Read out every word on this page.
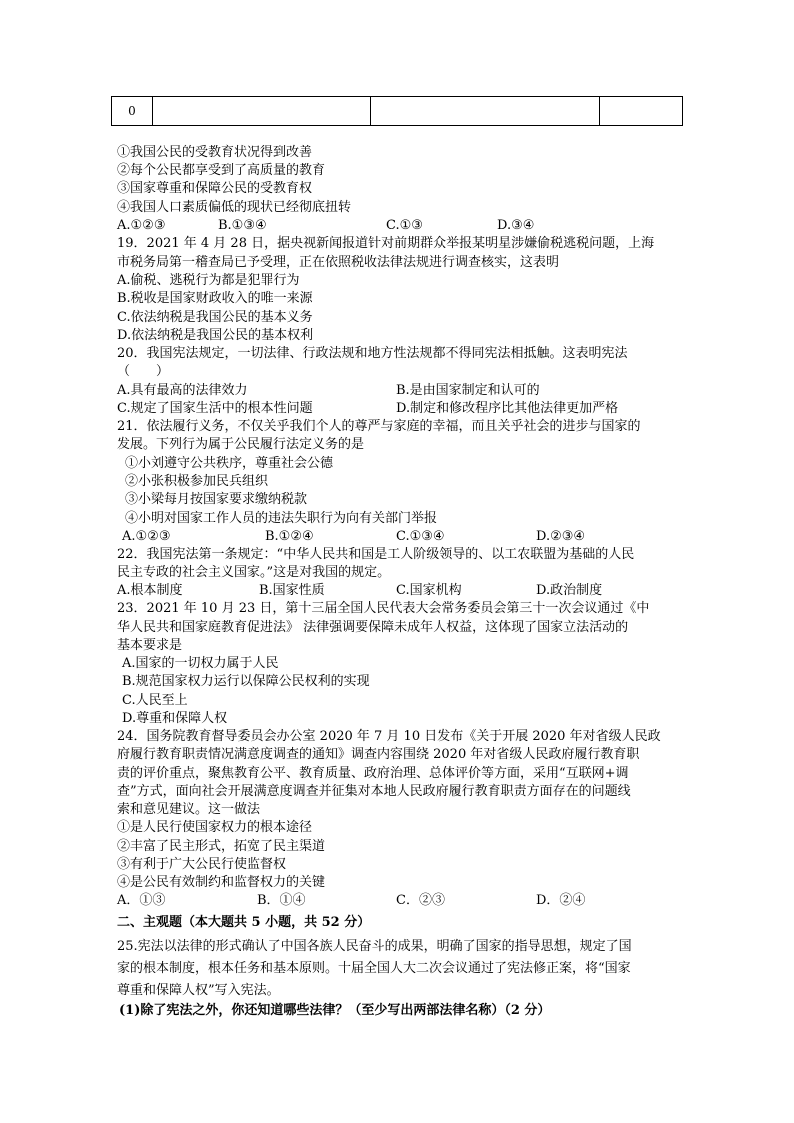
0			
①我国公民的受教育状况得到改善
②每个公民都享受到了高质量的教育
③国家尊重和保障公民的受教育权
④我国人口素质偏低的现状已经彻底扭转
A.①②③	B.①③④	C.①③	D.③④
19．2021 年 4 月 28 日，据央视新闻报道针对前期群众举报某明星涉嫌偷税逃税问题，上海
市税务局第一稽查局已予受理，正在依照税收法律法规进行调查核实，这表明
A.偷税、逃税行为都是犯罪行为
B.税收是国家财政收入的唯一来源
C.依法纳税是我国公民的基本义务
D.依法纳税是我国公民的基本权利
20．我国宪法规定，一切法律、行政法规和地方性法规都不得同宪法相抵触。这表明宪法
（　　）
A.具有最高的法律效力	B.是由国家制定和认可的
C.规定了国家生活中的根本性问题	D.制定和修改程序比其他法律更加严格
21．依法履行义务，不仅关乎我们个人的尊严与家庭的幸福，而且关乎社会的进步与国家的
发展。下列行为属于公民履行法定义务的是
①小刘遵守公共秩序，尊重社会公德
②小张积极参加民兵组织
③小梁每月按国家要求缴纳税款
④小明对国家工作人员的违法失职行为向有关部门举报
A.①②③	B.①②④	C.①③④	D.②③④
22．我国宪法第一条规定：“中华人民共和国是工人阶级领导的、以工农联盟为基础的人民
民主专政的社会主义国家。”这是对我国的规定。
A.根本制度	B.国家性质	C.国家机构	D.政治制度
23．2021 年 10 月 23 日，第十三届全国人民代表大会常务委员会第三十一次会议通过《中
华人民共和国家庭教育促进法》 法律强调要保障未成年人权益，这体现了国家立法活动的
基本要求是
A.国家的一切权力属于人民
B.规范国家权力运行以保障公民权利的实现
C.人民至上
D.尊重和保障人权
24．国务院教育督导委员会办公室 2020 年 7 月 10 日发布《关于开展 2020 年对省级人民政
府履行教育职责情况满意度调查的通知》调查内容围绕 2020 年对省级人民政府履行教育职
责的评价重点，聚焦教育公平、教育质量、政府治理、总体评价等方面，采用“互联网+调
查”方式，面向社会开展满意度调查并征集对本地人民政府履行教育职责方面存在的问题线
索和意见建议。这一做法
①是人民行使国家权力的根本途径
②丰富了民主形式，拓宽了民主渠道
③有利于广大公民行使监督权
④是公民有效制约和监督权力的关键
A．①③	B．①④	C．②③	D．②④
二、主观题（本大题共 5 小题，共 52 分）
25.宪法以法律的形式确认了中国各族人民奋斗的成果，明确了国家的指导思想，规定了国
家的根本制度，根本任务和基本原则。十届全国人大二次会议通过了宪法修正案，将“国家
尊重和保障人权”写入宪法。
(1)除了宪法之外，你还知道哪些法律？（至少写出两部法律名称）（2 分）
